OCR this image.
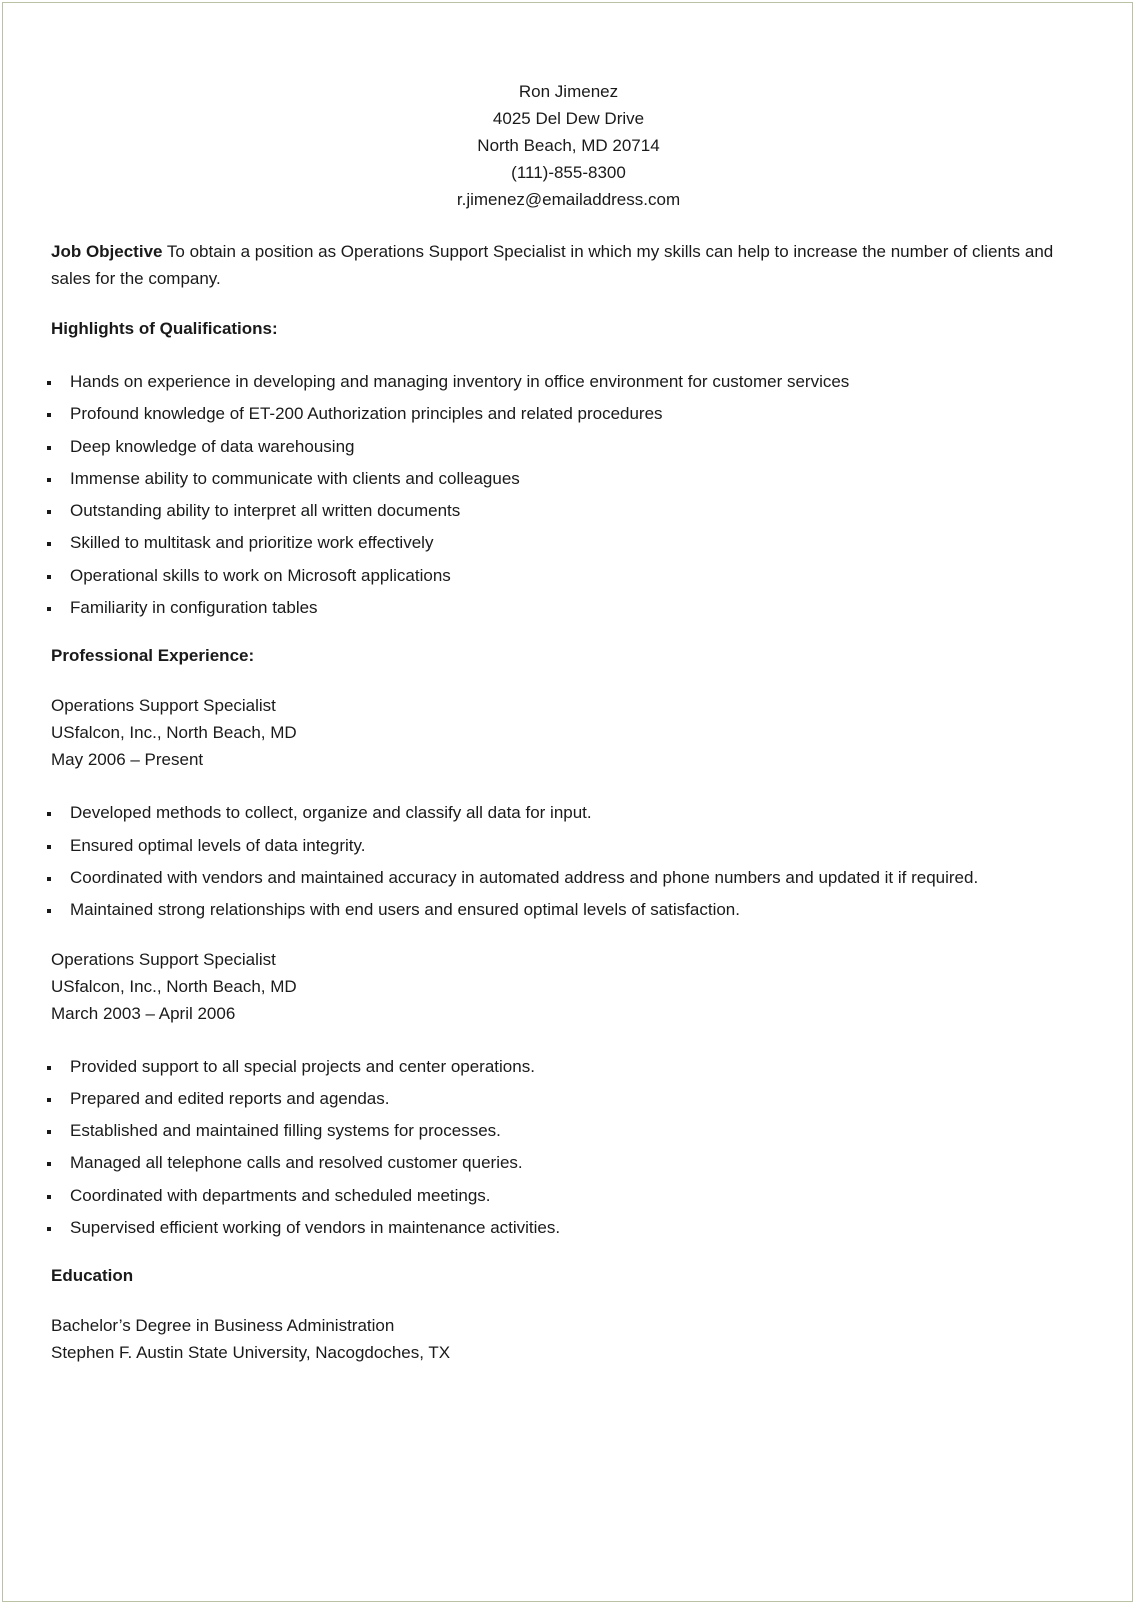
Ron Jimenez
4025 Del Dew Drive
North Beach, MD 20714
(111)-855-8300
r.jimenez@emailaddress.com
Job Objective To obtain a position as Operations Support Specialist in which my skills can help to increase the number of clients and sales for the company.
Highlights of Qualifications:
Hands on experience in developing and managing inventory in office environment for customer services
Profound knowledge of ET-200 Authorization principles and related procedures
Deep knowledge of data warehousing
Immense ability to communicate with clients and colleagues
Outstanding ability to interpret all written documents
Skilled to multitask and prioritize work effectively
Operational skills to work on Microsoft applications
Familiarity in configuration tables
Professional Experience:
Operations Support Specialist
USfalcon, Inc., North Beach, MD
May 2006 – Present
Developed methods to collect, organize and classify all data for input.
Ensured optimal levels of data integrity.
Coordinated with vendors and maintained accuracy in automated address and phone numbers and updated it if required.
Maintained strong relationships with end users and ensured optimal levels of satisfaction.
Operations Support Specialist
USfalcon, Inc., North Beach, MD
March 2003 – April 2006
Provided support to all special projects and center operations.
Prepared and edited reports and agendas.
Established and maintained filling systems for processes.
Managed all telephone calls and resolved customer queries.
Coordinated with departments and scheduled meetings.
Supervised efficient working of vendors in maintenance activities.
Education
Bachelor’s Degree in Business Administration
Stephen F. Austin State University, Nacogdoches, TX
